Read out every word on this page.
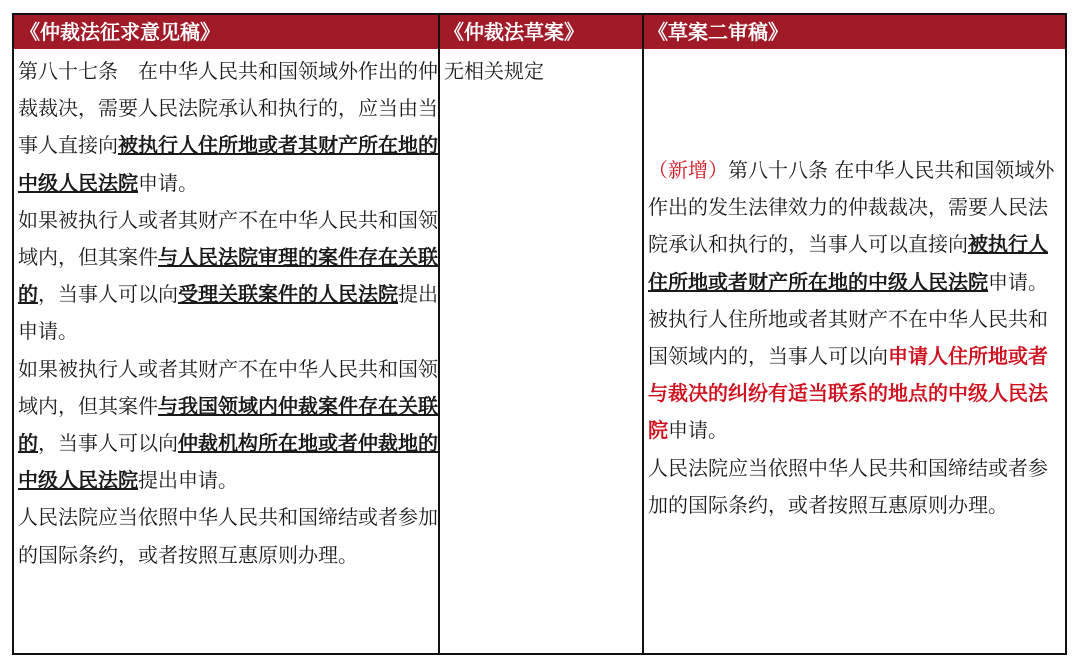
《仲裁法征求意见稿》	《仲裁法草案》	《草案二审稿》

第八十七条　在中华人民共和国领域外作出的仲裁裁决，需要人民法院承认和执行的，应当由当事人直接向被执行人住所地或者其财产所在地的中级人民法院申请。

如果被执行人或者其财产不在中华人民共和国领域内，但其案件与人民法院审理的案件存在关联的，当事人可以向受理关联案件的人民法院提出申请。

如果被执行人或者其财产不在中华人民共和国领域内，但其案件与我国领域内仲裁案件存在关联的，当事人可以向仲裁机构所在地或者仲裁地的中级人民法院提出申请。

人民法院应当依照中华人民共和国缔结或者参加的国际条约，或者按照互惠原则办理。

无相关规定

（新增）第八十八条 在中华人民共和国领域外作出的发生法律效力的仲裁裁决，需要人民法院承认和执行的，当事人可以直接向被执行人住所地或者财产所在地的中级人民法院申请。被执行人住所地或者其财产不在中华人民共和国领域内的，当事人可以向申请人住所地或者与裁决的纠纷有适当联系的地点的中级人民法院申请。

人民法院应当依照中华人民共和国缔结或者参加的国际条约，或者按照互惠原则办理。
